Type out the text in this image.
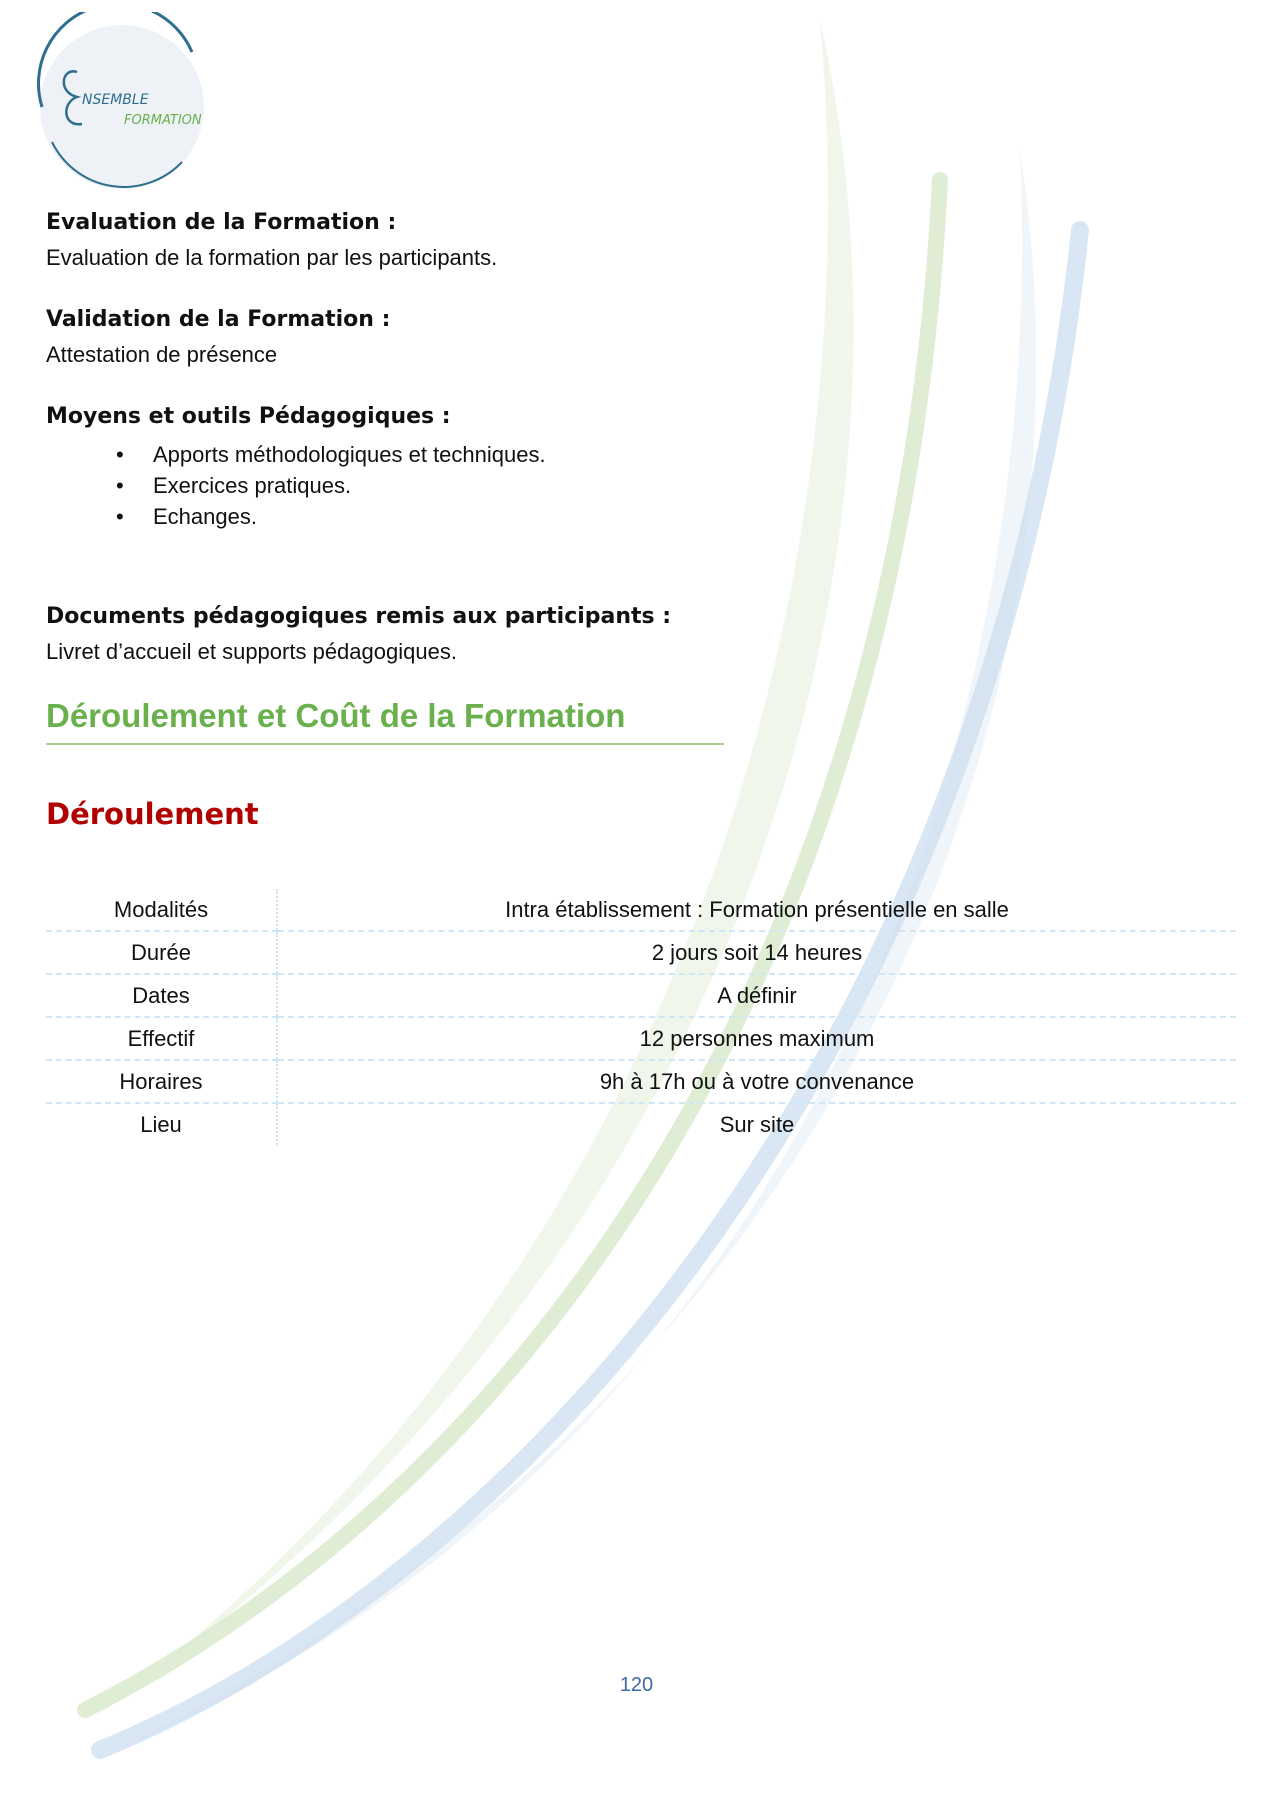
NSEMBLE
FORMATION

Evaluation de la Formation :

Evaluation de la formation par les participants.

Validation de la Formation :

Attestation de présence

Moyens et outils Pédagogiques :

• Apports méthodologiques et techniques.
• Exercices pratiques.
• Echanges.

Documents pédagogiques remis aux participants :

Livret d’accueil et supports pédagogiques.

Déroulement et Coût de la Formation

Déroulement

Modalités	Intra établissement : Formation présentielle en salle
Durée	2 jours soit 14 heures
Dates	A définir
Effectif	12 personnes maximum
Horaires	9h à 17h ou à votre convenance
Lieu	Sur site
120
